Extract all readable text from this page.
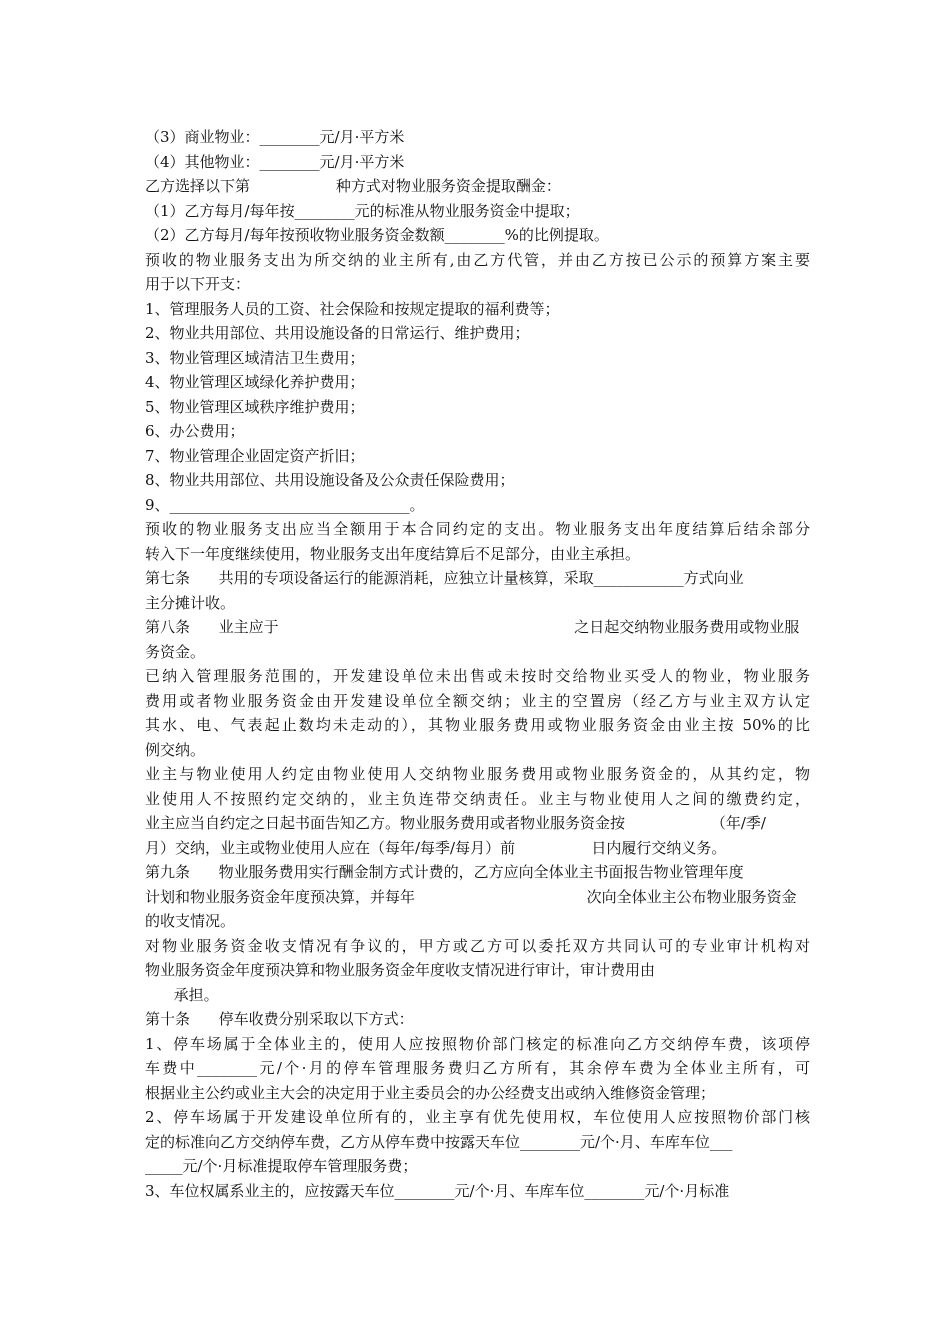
（3）商业物业：________元/月·平方米
（4）其他物业：________元/月·平方米
乙方选择以下第                  种方式对物业服务资金提取酬金：
（1）乙方每月/每年按________元的标准从物业服务资金中提取；
（2）乙方每月/每年按预收物业服务资金数额________%的比例提取。
预收的物业服务支出为所交纳的业主所有,由乙方代管，并由乙方按已公示的预算方案主要
用于以下开支：
1、管理服务人员的工资、社会保险和按规定提取的福利费等；
2、物业共用部位、共用设施设备的日常运行、维护费用；
3、物业管理区域清洁卫生费用；
4、物业管理区域绿化养护费用；
5、物业管理区域秩序维护费用；
6、办公费用；
7、物业管理企业固定资产折旧；
8、物业共用部位、共用设施设备及公众责任保险费用；
9、________________________________。
预收的物业服务支出应当全额用于本合同约定的支出。物业服务支出年度结算后结余部分
转入下一年度继续使用，物业服务支出年度结算后不足部分，由业主承担。
第七条      共用的专项设备运行的能源消耗，应独立计量核算，采取____________方式向业
主分摊计收。
第八条      业主应于                                                              之日起交纳物业服务费用或物业服
务资金。
已纳入管理服务范围的，开发建设单位未出售或未按时交给物业买受人的物业，物业服务
费用或者物业服务资金由开发建设单位全额交纳；业主的空置房（经乙方与业主双方认定
其水、电、气表起止数均未走动的），其物业服务费用或物业服务资金由业主按 50%的比
例交纳。
业主与物业使用人约定由物业使用人交纳物业服务费用或物业服务资金的，从其约定，物
业使用人不按照约定交纳的，业主负连带交纳责任。业主与物业使用人之间的缴费约定，
业主应当自约定之日起书面告知乙方。物业服务费用或者物业服务资金按                  （年/季/
月）交纳，业主或物业使用人应在（每年/每季/每月）前                日内履行交纳义务。
第九条      物业服务费用实行酬金制方式计费的，乙方应向全体业主书面报告物业管理年度
计划和物业服务资金年度预决算，并每年                                    次向全体业主公布物业服务资金
的收支情况。
对物业服务资金收支情况有争议的，甲方或乙方可以委托双方共同认可的专业审计机构对
物业服务资金年度预决算和物业服务资金年度收支情况进行审计，审计费用由
承担。
第十条      停车收费分别采取以下方式：
1、停车场属于全体业主的，使用人应按照物价部门核定的标准向乙方交纳停车费，该项停
车费中________元/个·月的停车管理服务费归乙方所有，其余停车费为全体业主所有，可
根据业主公约或业主大会的决定用于业主委员会的办公经费支出或纳入维修资金管理；
2、停车场属于开发建设单位所有的，业主享有优先使用权，车位使用人应按照物价部门核
定的标准向乙方交纳停车费，乙方从停车费中按露天车位________元/个·月、车库车位___
_____元/个·月标准提取停车管理服务费；
3、车位权属系业主的，应按露天车位________元/个·月、车库车位________元/个·月标准
